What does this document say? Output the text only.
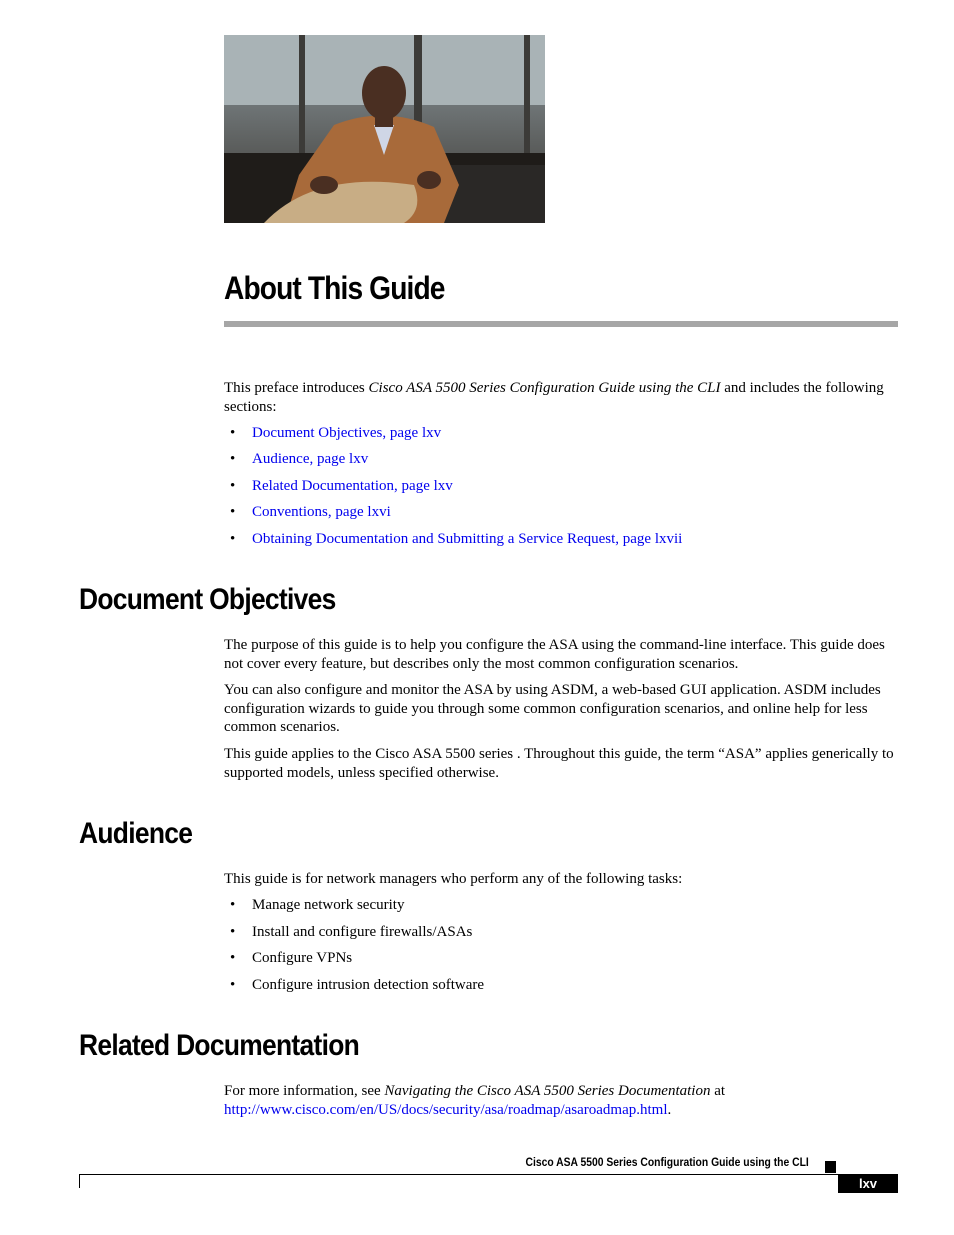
About This Guide

This preface introduces Cisco ASA 5500 Series Configuration Guide using the CLI and includes the following sections:

• Document Objectives, page lxv
• Audience, page lxv
• Related Documentation, page lxv
• Conventions, page lxvi
• Obtaining Documentation and Submitting a Service Request, page lxvii
Document Objectives

The purpose of this guide is to help you configure the ASA using the command-line interface. This guide does not cover every feature, but describes only the most common configuration scenarios.

You can also configure and monitor the ASA by using ASDM, a web-based GUI application. ASDM includes configuration wizards to guide you through some common configuration scenarios, and online help for less common scenarios.

This guide applies to the Cisco ASA 5500 series . Throughout this guide, the term “ASA” applies generically to supported models, unless specified otherwise.

Audience

This guide is for network managers who perform any of the following tasks:

• Manage network security
• Install and configure firewalls/ASAs
• Configure VPNs
• Configure intrusion detection software
Related Documentation

For more information, see Navigating the Cisco ASA 5500 Series Documentation at
http://www.cisco.com/en/US/docs/security/asa/roadmap/asaroadmap.html.

Cisco ASA 5500 Series Configuration Guide using the CLI
lxv
